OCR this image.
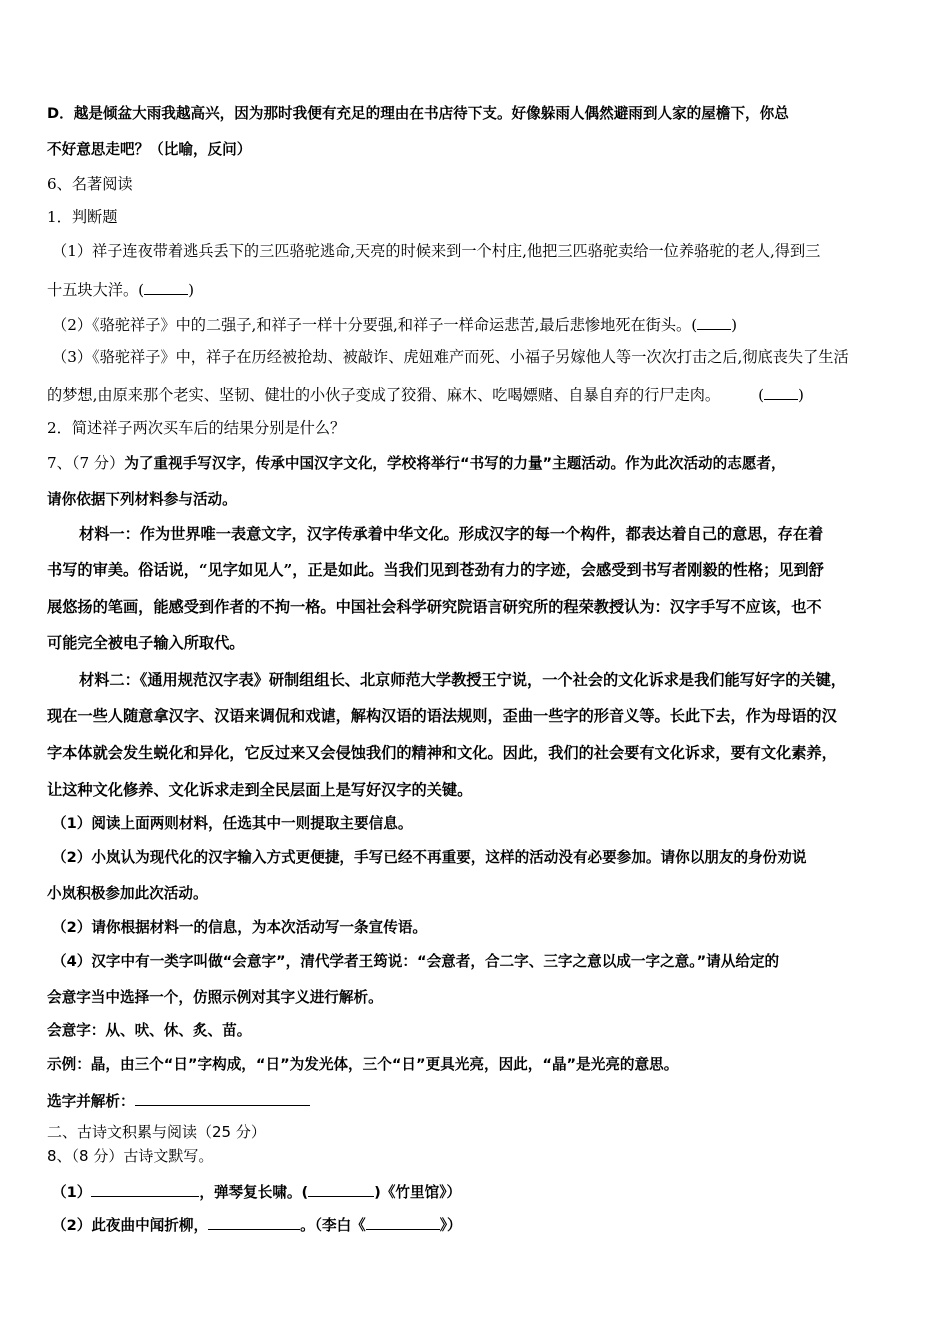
D．越是倾盆大雨我越高兴，因为那时我便有充足的理由在书店待下支。好像躲雨人偶然避雨到人家的屋檐下，你总
不好意思走吧？（比喻，反问）
6、名著阅读
1．判断题
（1）祥子连夜带着逃兵丢下的三匹骆驼逃命,天亮的时候来到一个村庄,他把三匹骆驼卖给一位养骆驼的老人,得到三
十五块大洋。(	)
（2）《骆驼祥子》中的二强子,和祥子一样十分要强,和祥子一样命运悲苦,最后悲惨地死在街头。( )
（3）《骆驼祥子》中，祥子在历经被抢劫、被敲诈、虎妞难产而死、小福子另嫁他人等一次次打击之后,彻底丧失了生活
的梦想,由原来那个老实、坚韧、健壮的小伙子变成了狡猾、麻木、吃喝嫖赌、自暴自弃的行尸走肉。	( )
2．简述祥子两次买车后的结果分别是什么？
7、（7 分）为了重视手写汉字，传承中国汉字文化，学校将举行“书写的力量”主题活动。作为此次活动的志愿者，
请你依据下列材料参与活动。
材料一：作为世界唯一表意文字，汉字传承着中华文化。形成汉字的每一个构件，都表达着自己的意思，存在着
书写的审美。俗话说，“见字如见人”，正是如此。当我们见到苍劲有力的字迹，会感受到书写者刚毅的性格；见到舒
展悠扬的笔画，能感受到作者的不拘一格。中国社会科学研究院语言研究所的程荣教授认为：汉字手写不应该，也不
可能完全被电子输入所取代。
材料二：《通用规范汉字表》研制组组长、北京师范大学教授王宁说，一个社会的文化诉求是我们能写好字的关键，
现在一些人随意拿汉字、汉语来调侃和戏谑，解构汉语的语法规则，歪曲一些字的形音义等。长此下去，作为母语的汉
字本体就会发生蜕化和异化，它反过来又会侵蚀我们的精神和文化。因此，我们的社会要有文化诉求，要有文化素养，
让这种文化修养、文化诉求走到全民层面上是写好汉字的关键。
（1）阅读上面两则材料，任选其中一则提取主要信息。
（2）小岚认为现代化的汉字输入方式更便捷，手写已经不再重要，这样的活动没有必要参加。请你以朋友的身份劝说
小岚积极参加此次活动。
（2）请你根据材料一的信息，为本次活动写一条宣传语。
（4）汉字中有一类字叫做“会意字”，清代学者王筠说：“会意者，合二字、三字之意以成一字之意。”请从给定的
会意字当中选择一个，仿照示例对其字义进行解析。
会意字：从、吠、休、炙、苗。
示例：晶，由三个“日”字构成，“日”为发光体，三个“日”更具光亮，因此，“晶”是光亮的意思。
选字并解析：
二、古诗文积累与阅读（25 分）
8、（8 分）古诗文默写。
（1）	，弹琴复长啸。(	)《竹里馆》）
（2）此夜曲中闻折柳，	。（李白《	》）
